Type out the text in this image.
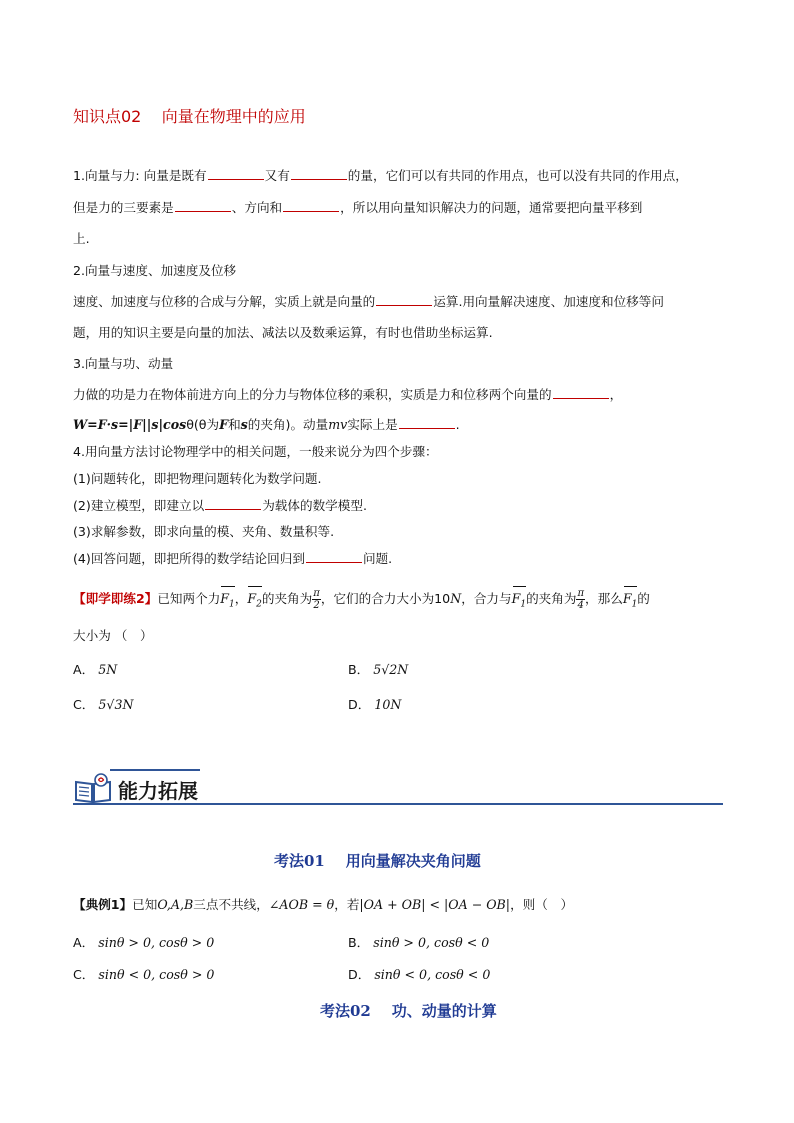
知识点02    向量在物理中的应用
1.向量与力: 向量是既有	又有	的量，它们可以有共同的作用点，也可以没有共同的作用点，
但是力的三要素是	、方向和	，所以用向量知识解决力的问题，通常要把向量平移到
上.
2.向量与速度、加速度及位移
速度、加速度与位移的合成与分解，实质上就是向量的	运算.用向量解决速度、加速度和位移等问
题，用的知识主要是向量的加法、减法以及数乘运算，有时也借助坐标运算.
3.向量与功、动量
力做的功是力在物体前进方向上的分力与物体位移的乘积，实质是力和位移两个向量的	，
W=F·s=|F||s|cosθ(θ为F和s的夹角)。动量mv实际上是	.
4.用向量方法讨论物理学中的相关问题，一般来说分为四个步骤：
(1)问题转化，即把物理问题转化为数学问题.
(2)建立模型，即建立以	为载体的数学模型.
(3)求解参数，即求向量的模、夹角、数量积等.
(4)回答问题，即把所得的数学结论回归到	问题.
【即学即练2】已知两个力$F_1$，$F_2$的夹角为 $\frac{\pi}{2}$ ，它们的合力大小为10N，合力与$F_1$的夹角为 $\frac{\pi}{4}$ ，那么$F_1$的
大小为 （　）
A． 5N	B． 5√2N
C． 5√3N	D． 10N
能力拓展
考法01    用向量解决夹角问题
【典例1】已知O,A,B三点不共线，∠AOB = θ，若|OA + OB| < |OA − OB|，则（　）
A． sinθ > 0, cosθ > 0	B． sinθ > 0, cosθ < 0
C． sinθ < 0, cosθ > 0	D． sinθ < 0, cosθ < 0
考法02    功、动量的计算
